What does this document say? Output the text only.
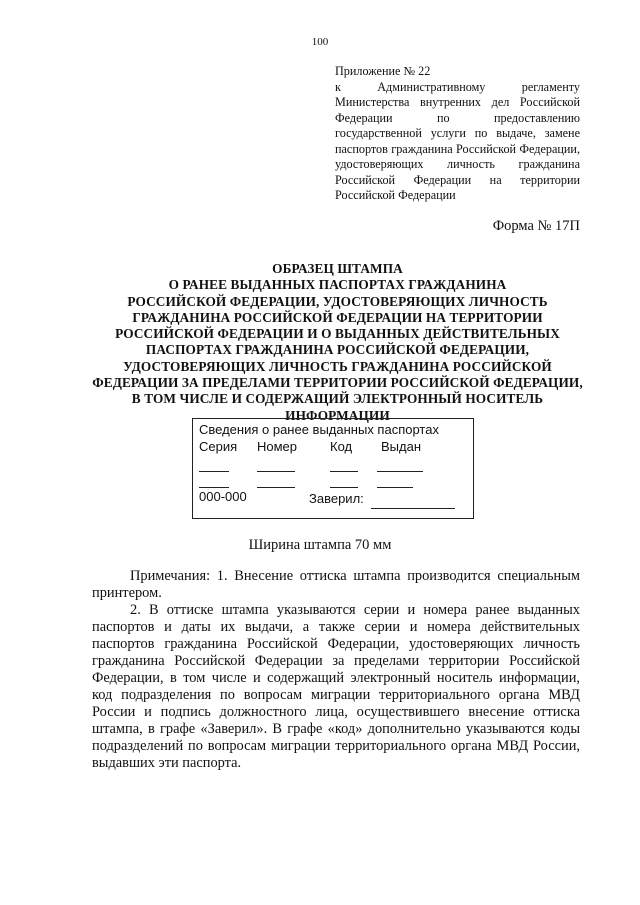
100
Приложение № 22
к Административному регламенту Министерства внутренних дел Российской Федерации по предоставлению государственной услуги по выдаче, замене паспортов гражданина Российской Федерации, удостоверяющих личность гражданина Российской Федерации на территории Российской Федерации
Форма № 17П
ОБРАЗЕЦ ШТАМПА
О РАНЕЕ ВЫДАННЫХ ПАСПОРТАХ ГРАЖДАНИНА
РОССИЙСКОЙ ФЕДЕРАЦИИ, УДОСТОВЕРЯЮЩИХ ЛИЧНОСТЬ
ГРАЖДАНИНА РОССИЙСКОЙ ФЕДЕРАЦИИ НА ТЕРРИТОРИИ
РОССИЙСКОЙ ФЕДЕРАЦИИ И О ВЫДАННЫХ ДЕЙСТВИТЕЛЬНЫХ
ПАСПОРТАХ ГРАЖДАНИНА РОССИЙСКОЙ ФЕДЕРАЦИИ,
УДОСТОВЕРЯЮЩИХ ЛИЧНОСТЬ ГРАЖДАНИНА РОССИЙСКОЙ
ФЕДЕРАЦИИ ЗА ПРЕДЕЛАМИ ТЕРРИТОРИИ РОССИЙСКОЙ ФЕДЕРАЦИИ,
В ТОМ ЧИСЛЕ И СОДЕРЖАЩИЙ ЭЛЕКТРОННЫЙ НОСИТЕЛЬ
ИНФОРМАЦИИ
Сведения о ранее выданных паспортах
Серия Номер	Код Выдан
000-000	Заверил:
Ширина штампа 70 мм

Примечания: 1. Внесение оттиска штампа производится специальным принтером.

2. В оттиске штампа указываются серии и номера ранее выданных паспортов и даты их выдачи, а также серии и номера действительных паспортов гражданина Российской Федерации, удостоверяющих личность гражданина Российской Федерации за пределами территории Российской Федерации, в том числе и содержащий электронный носитель информации, код подразделения по вопросам миграции территориального органа МВД России и подпись должностного лица, осуществившего внесение оттиска штампа, в графе «Заверил». В графе «код» дополнительно указываются коды подразделений по вопросам миграции территориального органа МВД России, выдавших эти паспорта.
